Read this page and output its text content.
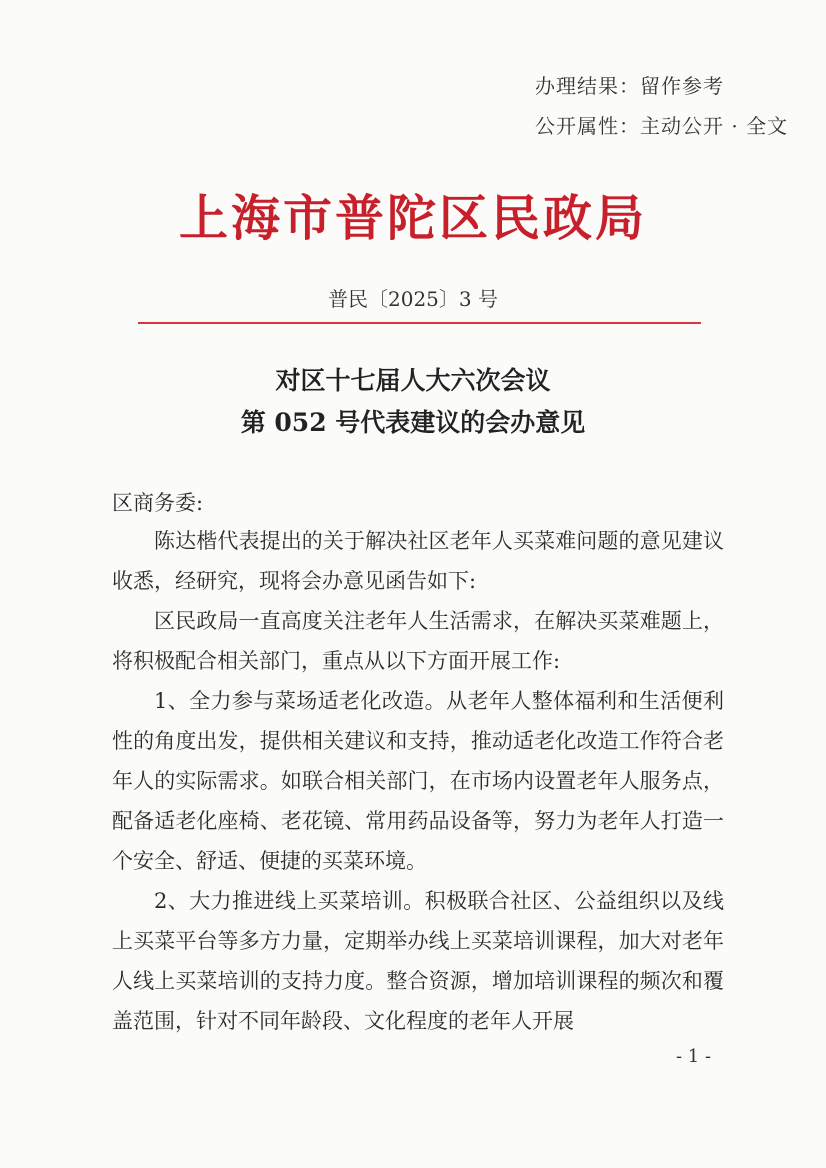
办理结果：留作参考
公开属性：主动公开 · 全文
上海市普陀区民政局
普民〔2025〕3 号
对区十七届人大六次会议
第 052 号代表建议的会办意见
区商务委:

陈达楷代表提出的关于解决社区老年人买菜难问题的意见建议收悉，经研究，现将会办意见函告如下:

区民政局一直高度关注老年人生活需求，在解决买菜难题上，将积极配合相关部门，重点从以下方面开展工作:

1、全力参与菜场适老化改造。从老年人整体福利和生活便利性的角度出发，提供相关建议和支持，推动适老化改造工作符合老年人的实际需求。如联合相关部门，在市场内设置老年人服务点，配备适老化座椅、老花镜、常用药品设备等，努力为老年人打造一个安全、舒适、便捷的买菜环境。

2、大力推进线上买菜培训。积极联合社区、公益组织以及线上买菜平台等多方力量，定期举办线上买菜培训课程，加大对老年人线上买菜培训的支持力度。整合资源，增加培训课程的频次和覆盖范围，针对不同年龄段、文化程度的老年人开展

- 1 -
